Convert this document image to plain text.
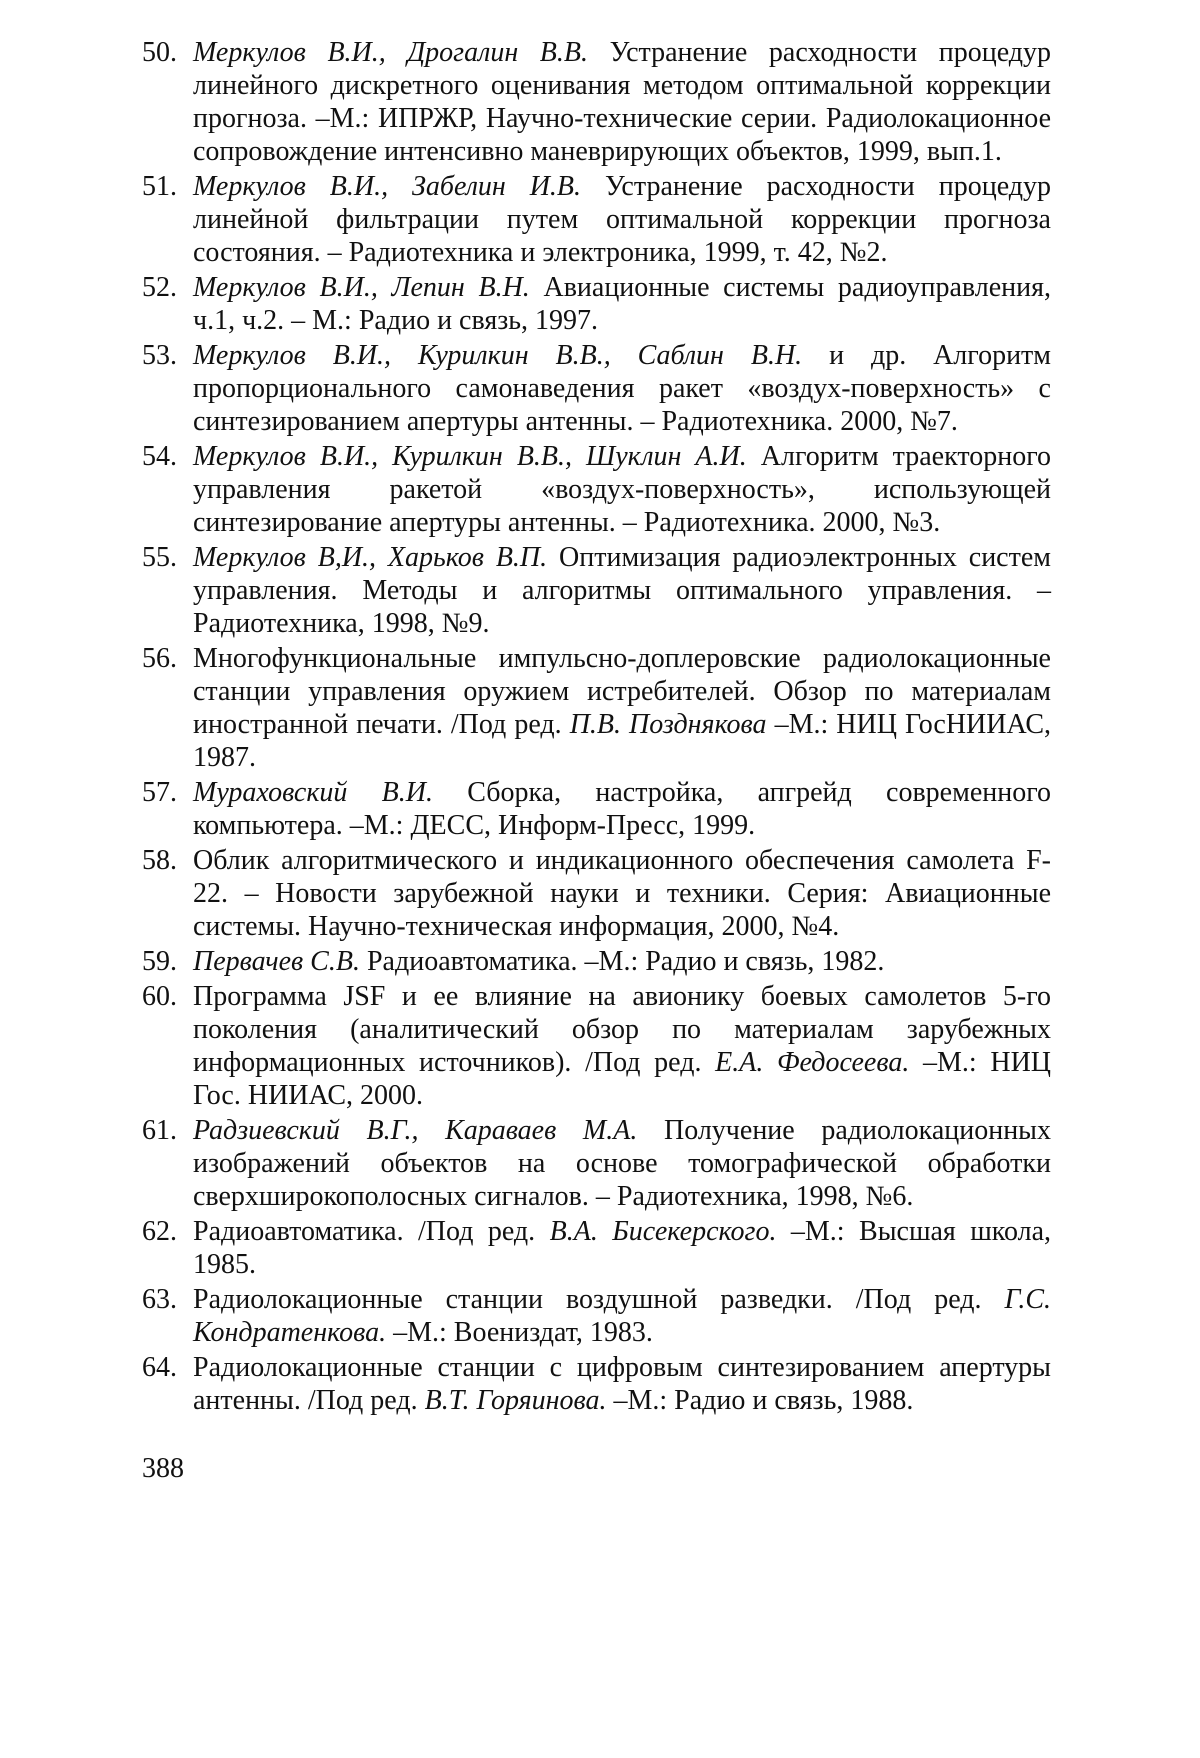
50. Меркулов В.И., Дрогалин В.В. Устранение расходности процедур линейного дискретного оценивания методом оптимальной коррекции прогноза. –М.: ИПРЖР, Научно-технические серии. Радиолокационное сопровождение интенсивно маневрирующих объектов, 1999, вып.1.
51. Меркулов В.И., Забелин И.В. Устранение расходности процедур линейной фильтрации путем оптимальной коррекции прогноза состояния. – Радиотехника и электроника, 1999, т. 42, №2.
52. Меркулов В.И., Лепин В.Н. Авиационные системы радиоуправления, ч.1, ч.2. – М.: Радио и связь, 1997.
53. Меркулов В.И., Курилкин В.В., Саблин В.Н. и др. Алгоритм пропорционального самонаведения ракет «воздух-поверхность» с синтезированием апертуры антенны. – Радиотехника. 2000, №7.
54. Меркулов В.И., Курилкин В.В., Шуклин А.И. Алгоритм траекторного управления ракетой «воздух-поверхность», использующей синтезирование апертуры антенны. – Радиотехника. 2000, №3.
55. Меркулов В,И., Харьков В.П. Оптимизация радиоэлектронных систем управления. Методы и алгоритмы оптимального управления. – Радиотехника, 1998, №9.
56. Многофункциональные импульсно-доплеровские радиолокационные станции управления оружием истребителей. Обзор по материалам иностранной печати. /Под ред. П.В. Позднякова –М.: НИЦ ГосНИИАС, 1987.
57. Мураховский В.И. Сборка, настройка, апгрейд современного компьютера. –М.: ДЕСС, Информ-Пресс, 1999.
58. Облик алгоритмического и индикационного обеспечения самолета F-22. – Новости зарубежной науки и техники. Серия: Авиационные системы. Научно-техническая информация, 2000, №4.
59. Первачев С.В. Радиоавтоматика. –М.: Радио и связь, 1982.
60. Программа JSF и ее влияние на авионику боевых самолетов 5-го поколения (аналитический обзор по материалам зарубежных информационных источников). /Под ред. Е.А. Федосеева. –М.: НИЦ Гос. НИИАС, 2000.
61. Радзиевский В.Г., Караваев М.А. Получение радиолокационных изображений объектов на основе томографической обработки сверхширокополосных сигналов. – Радиотехника, 1998, №6.
62. Радиоавтоматика. /Под ред. В.А. Бисекерского. –М.: Высшая школа, 1985.
63. Радиолокационные станции воздушной разведки. /Под ред. Г.С. Кондратенкова. –М.: Воениздат, 1983.
64. Радиолокационные станции с цифровым синтезированием апертуры антенны. /Под ред. В.Т. Горяинова. –М.: Радио и связь, 1988.
388
